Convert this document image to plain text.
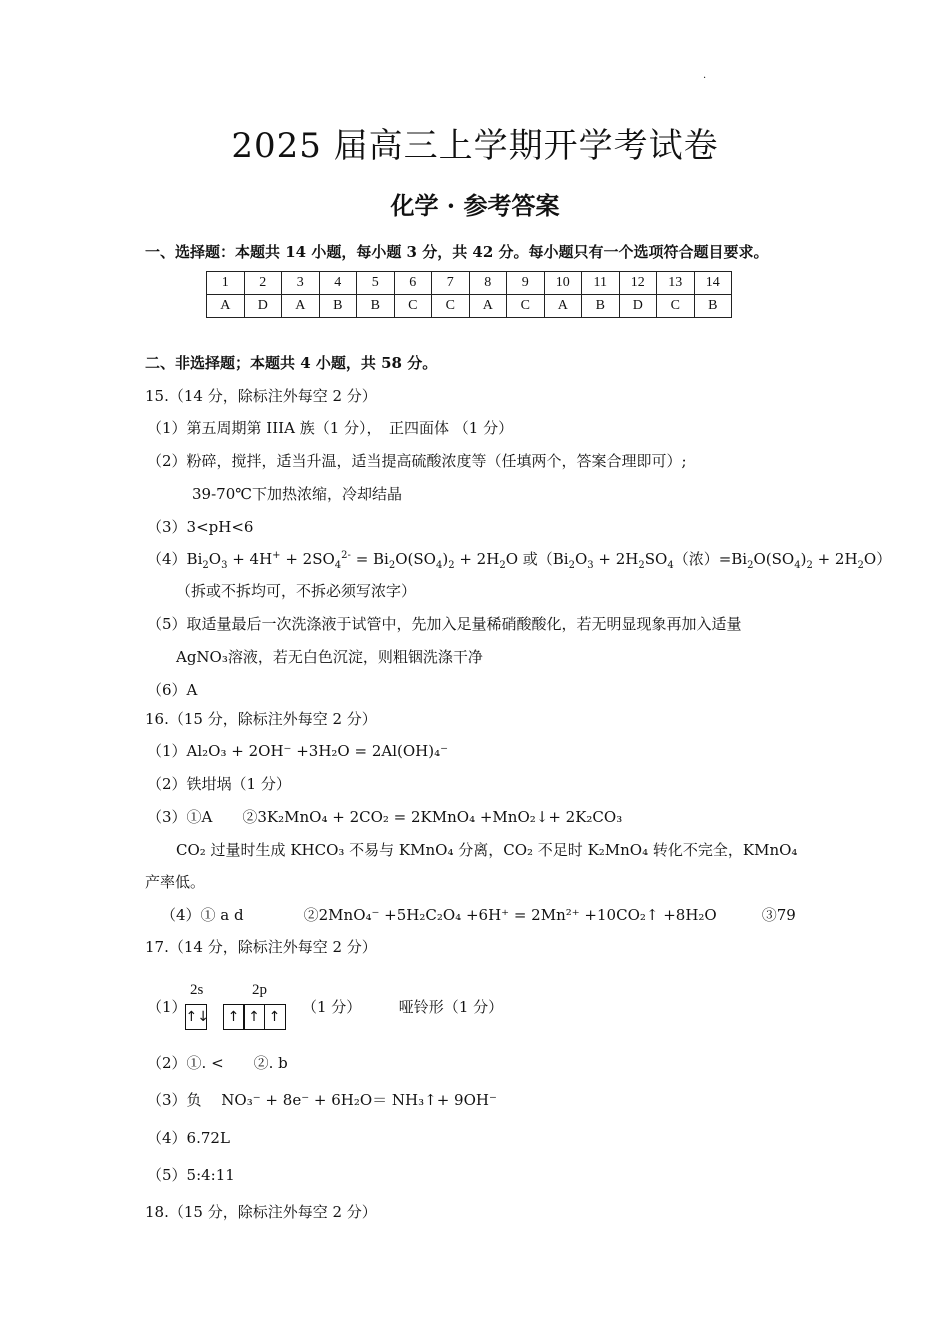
.
2025 届高三上学期开学考试卷
化学 · 参考答案
一、选择题：本题共 14 小题，每小题 3 分，共 42 分。每小题只有一个选项符合题目要求。
1	2	3	4	5	6	7	8	9	10	11	12	13	14
A	D	A	B	B	C	C	A	C	A	B	D	C	B
二、非选择题；本题共 4 小题，共 58 分。
15.（14 分，除标注外每空 2 分）
（1）第五周期第 IIIA 族（1 分），　正四面体 （1 分）
（2）粉碎，搅拌，适当升温，适当提高硫酸浓度等（任填两个，答案合理即可）;
39-70℃下加热浓缩，冷却结晶
（3）3<pH<6
$(4)Bi_2O_3 + 4H^+ + 2SO_4^{2-} = Bi_2O(SO_4)_2 + 2H_2O$ 或（$Bi_2O_3 + 2H_2SO_4$（浓）$=Bi_2O(SO_4)_2 + 2H_2O$）
（拆或不拆均可，不拆必须写浓字）
（5）取适量最后一次洗涤液于试管中，先加入足量稀硝酸酸化，若无明显现象再加入适量
AgNO₃溶液，若无白色沉淀，则粗铟洗涤干净
（6）A
16.（15 分，除标注外每空 2 分）
（1）Al₂O₃ + 2OH⁻ +3H₂O = 2Al(OH)₄⁻
（2）铁坩埚（1 分）
（3）①A　　②3K₂MnO₄ + 2CO₂ = 2KMnO₄ +MnO₂↓+ 2K₂CO₃
CO₂ 过量时生成 KHCO₃ 不易与 KMnO₄ 分离，CO₂ 不足时 K₂MnO₄ 转化不完全，KMnO₄
产率低。
（4）① a d　　　　②2MnO₄⁻ +5H₂C₂O₄ +6H⁺ = 2Mn²⁺ +10CO₂↑ +8H₂O　　　③79
17.（14 分，除标注外每空 2 分）
（1）
2s	2p
↑↓	↑ ↑ ↑
（1 分）　　　哑铃形（1 分）
（2）①. <　　②. b
（3）负　 NO₃⁻ + 8e⁻ + 6H₂O＝ NH₃↑+ 9OH⁻
（4）6.72L
（5）5:4:11
18.（15 分，除标注外每空 2 分）
